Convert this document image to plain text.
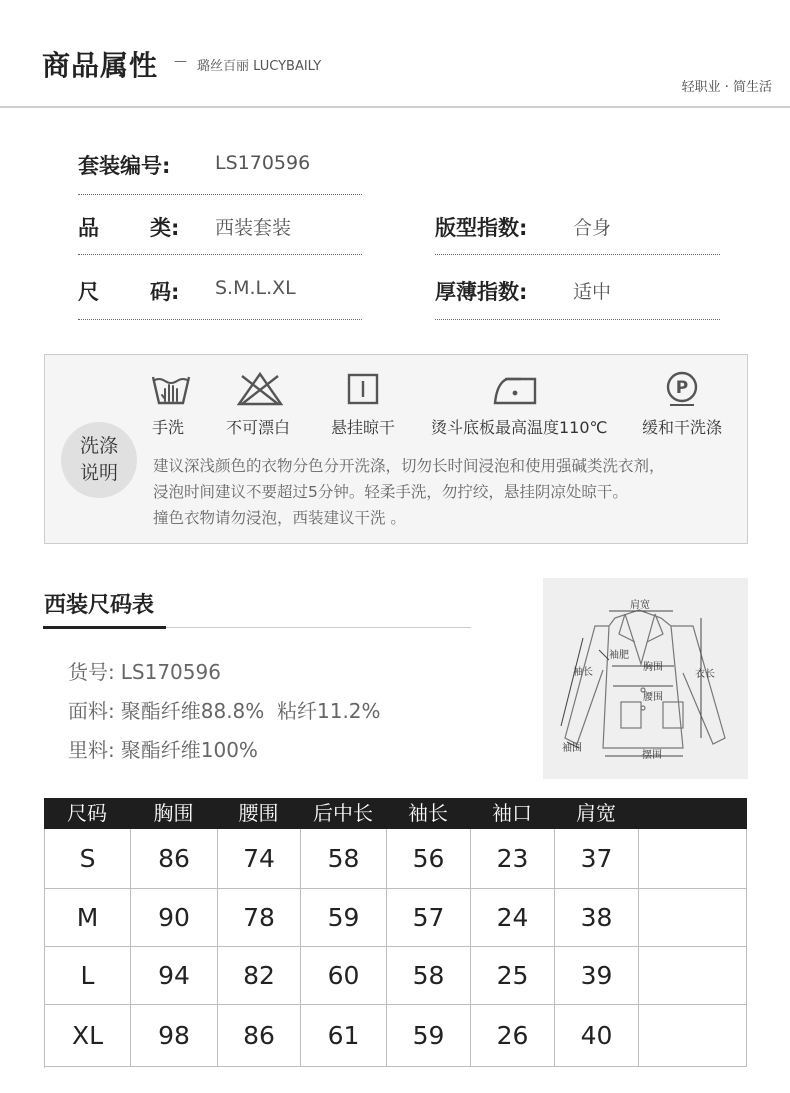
商品属性 — 璐丝百丽 LUCYBAILY
轻职业 · 简生活
套装编号: LS170596
品 类: 西装套装	版型指数: 合身
尺 码: S.M.L.XL	厚薄指数: 适中
洗涤
说明
P
手洗	不可漂白	悬挂晾干 烫斗底板最高温度110℃ 缓和干洗涤
建议深浅颜色的衣物分色分开洗涤，切勿长时间浸泡和使用强碱类洗衣剂，
浸泡时间建议不要超过5分钟。轻柔手洗，勿拧绞，悬挂阴凉处晾干。
撞色衣物请勿浸泡，西装建议干洗 。
西装尺码表
货号: LS170596
面料: 聚酯纤维88.8%  粘纤11.2%
里料: 聚酯纤维100%
肩宽
袖肥
袖长	胸围
衣长
腰围
袖围
摆围
尺码	胸围	腰围	后中长	袖长	袖口	肩宽
S	86	74	58	56	23	37
M	90	78	59	57	24	38
L	94	82	60	58	25	39
XL	98	86	61	59	26	40
